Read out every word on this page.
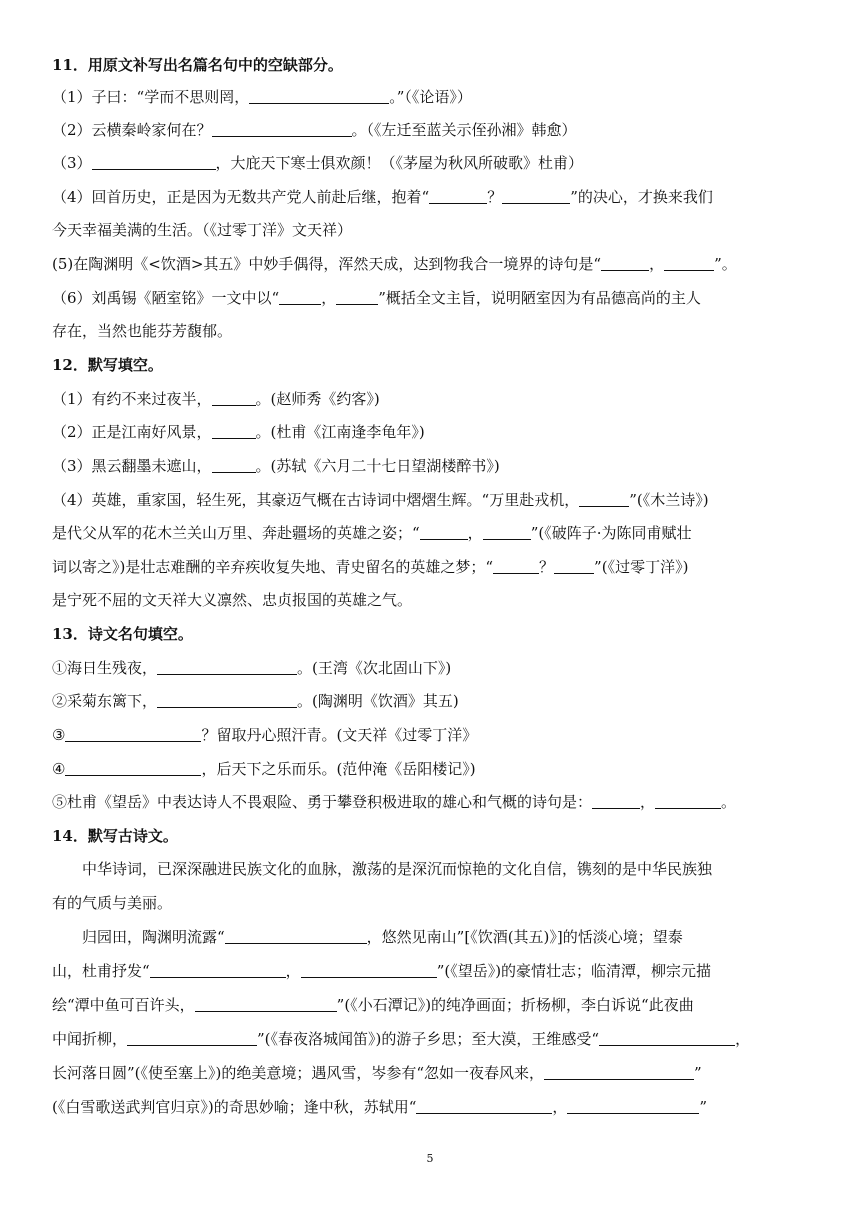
11．用原文补写出名篇名句中的空缺部分。
（1）子曰：“学而不思则罔，	。”（《论语》）
（2）云横秦岭家何在？	。（《左迁至蓝关示侄孙湘》韩愈）
（3）	，大庇天下寒士俱欢颜！（《茅屋为秋风所破歌》杜甫）
（4）回首历史，正是因为无数共产党人前赴后继，抱着“	？	”的决心，才换来我们
今天幸福美满的生活。（《过零丁洋》文天祥）
(5)在陶渊明《<饮酒>其五》中妙手偶得，浑然天成，达到物我合一境界的诗句是“	，	”。
（6）刘禹锡《陋室铭》一文中以“	，	”概括全文主旨，说明陋室因为有品德高尚的主人
存在，当然也能芬芳馥郁。
12．默写填空。
（1）有约不来过夜半，	。(赵师秀《约客》)
（2）正是江南好风景，	。(杜甫《江南逢李龟年》)
（3）黑云翻墨未遮山，	。(苏轼《六月二十七日望湖楼醉书》)
（4）英雄，重家国，轻生死，其豪迈气概在古诗词中熠熠生辉。“万里赴戎机，	”(《木兰诗》)
是代父从军的花木兰关山万里、奔赴疆场的英雄之姿；“	，	”(《破阵子·为陈同甫赋壮
词以寄之》)是壮志难酬的辛弃疾收复失地、青史留名的英雄之梦；“	？	”(《过零丁洋》)
是宁死不屈的文天祥大义凛然、忠贞报国的英雄之气。
13．诗文名句填空。
①海日生残夜，	。(王湾《次北固山下》)
②采菊东篱下，	。(陶渊明《饮酒》其五)
③	？留取丹心照汗青。(文天祥《过零丁洋》
④	，后天下之乐而乐。(范仲淹《岳阳楼记》)
⑤杜甫《望岳》中表达诗人不畏艰险、勇于攀登积极进取的雄心和气概的诗句是：	，	。
14．默写古诗文。
中华诗词，已深深融进民族文化的血脉，激荡的是深沉而惊艳的文化自信，镌刻的是中华民族独
有的气质与美丽。
归园田，陶渊明流露“	，悠然见南山”[《饮酒(其五)》]的恬淡心境；望泰
山，杜甫抒发“	，	”(《望岳》)的豪情壮志；临清潭，柳宗元描
绘“潭中鱼可百许头，	”(《小石潭记》)的纯净画面；折杨柳，李白诉说“此夜曲
中闻折柳，	”(《春夜洛城闻笛》)的游子乡思；至大漠，王维感受“	，
长河落日圆”(《使至塞上》)的绝美意境；遇风雪，岑参有“忽如一夜春风来，	”
(《白雪歌送武判官归京》)的奇思妙喻；逢中秋，苏轼用“	，	”
5
